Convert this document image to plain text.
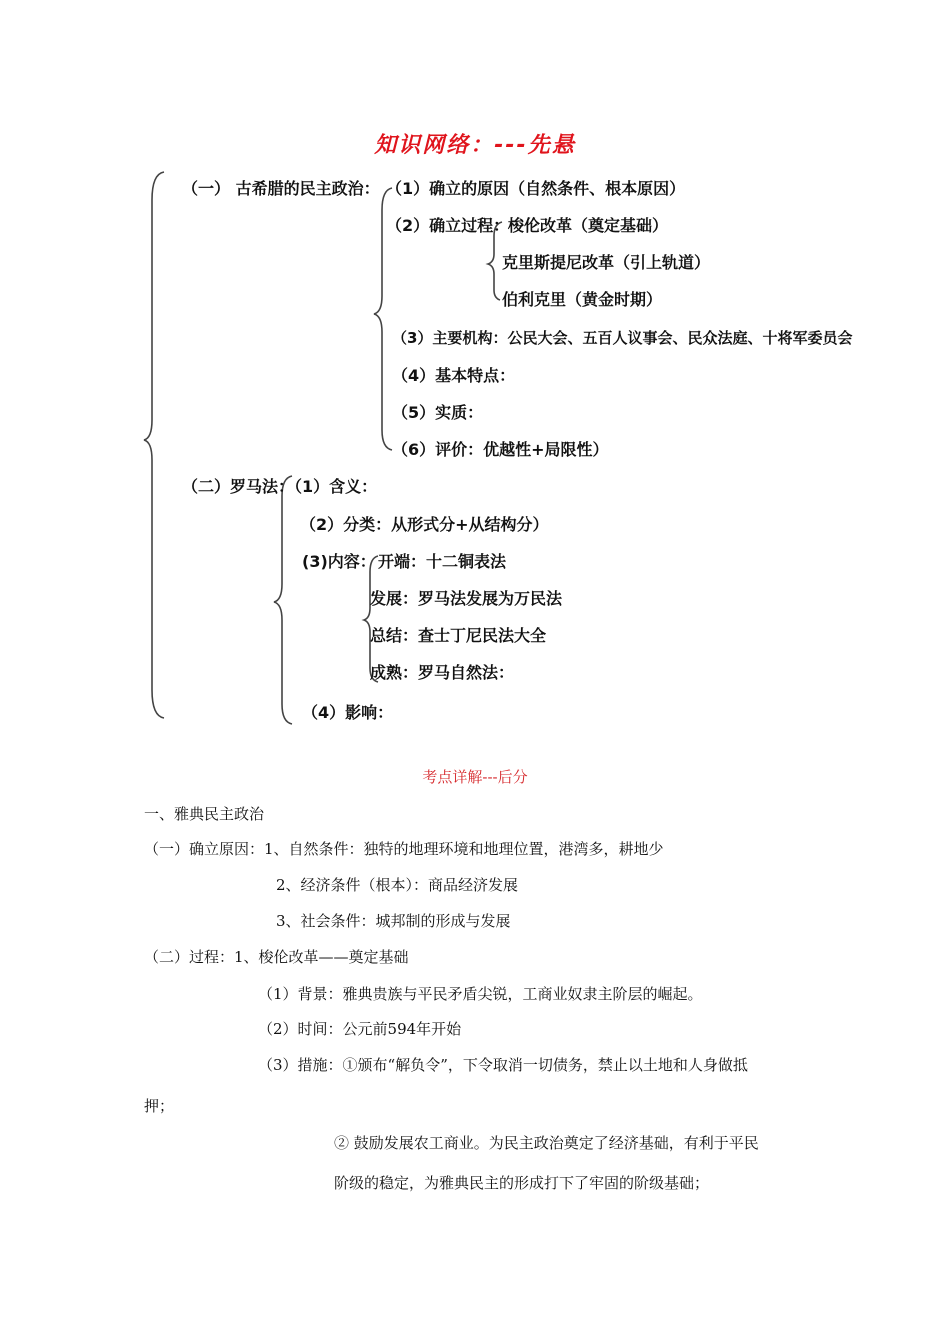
知识网络：---先悬
（一） 古希腊的民主政治： （1）确立的原因（自然条件、根本原因）
（2）确立过程：
梭伦改革（奠定基础）
克里斯提尼改革（引上轨道）
伯利克里（黄金时期）
（3）主要机构：公民大会、五百人议事会、民众法庭、十将军委员会
（4）基本特点：
（5）实质：
（6）评价：优越性+局限性）
（二）罗马法：
（1）含义：
（2）分类：从形式分+从结构分）
(3)内容： 开端：十二铜表法
发展：罗马法发展为万民法
总结：查士丁尼民法大全
成熟：罗马自然法：
（4）影响：
考点详解---后分
一、雅典民主政治
（一）确立原因：1、自然条件：独特的地理环境和地理位置，港湾多，耕地少
2、经济条件（根本）：商品经济发展
3、社会条件：城邦制的形成与发展
（二）过程：1、梭伦改革——奠定基础
（1）背景：雅典贵族与平民矛盾尖锐，工商业奴隶主阶层的崛起。
（2）时间：公元前594年开始
（3）措施：①颁布“解负令”，下令取消一切债务，禁止以土地和人身做抵
押；
② 鼓励发展农工商业。为民主政治奠定了经济基础，有利于平民
阶级的稳定，为雅典民主的形成打下了牢固的阶级基础；
